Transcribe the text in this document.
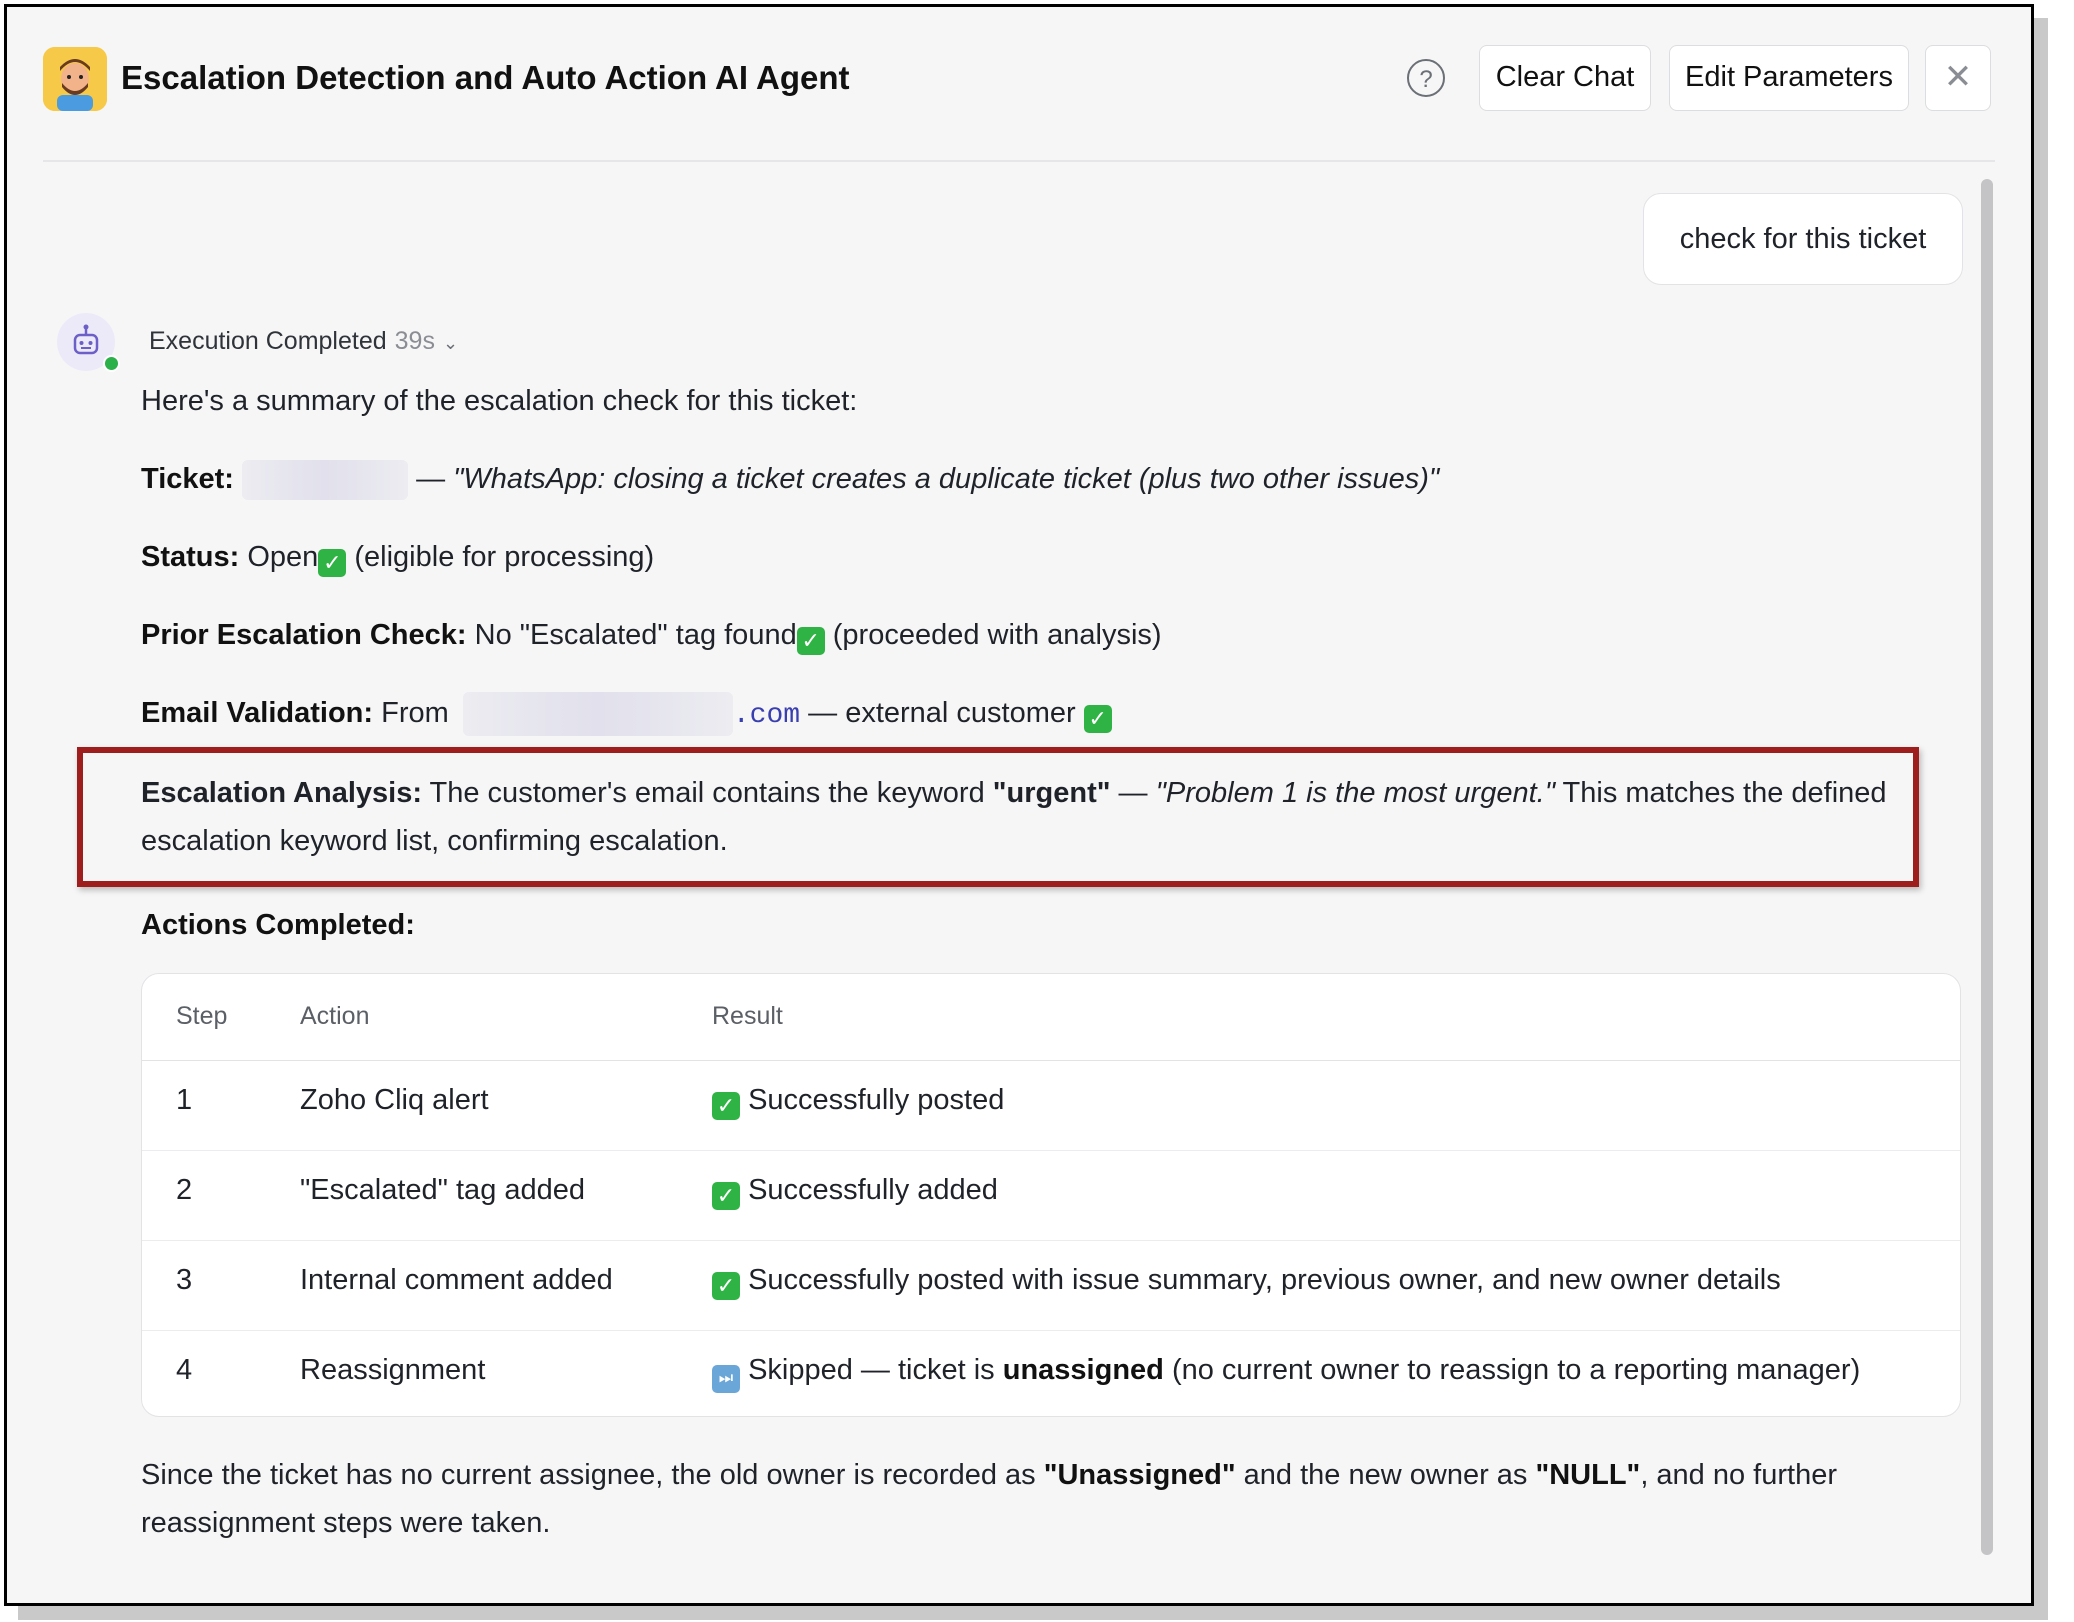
Escalation Detection and Auto Action AI Agent	?	Clear Chat	Edit Parameters	✕
check for this ticket
Execution Completed 39s ⌄
Here's a summary of the escalation check for this ticket:
Ticket:	— "WhatsApp: closing a ticket creates a duplicate ticket (plus two other issues)"
Status: Open ✓ (eligible for processing)
Prior Escalation Check: No "Escalated" tag found ✓ (proceeded with analysis)
Email Validation: From	.com — external customer ✓
Escalation Analysis: The customer's email contains the keyword "urgent" — "Problem 1 is the most urgent." This matches the defined escalation keyword list, confirming escalation.
Actions Completed:
Step	Action	Result
1	Zoho Cliq alert	✓ Successfully posted
2	"Escalated" tag added	✓ Successfully added
3	Internal comment added	✓ Successfully posted with issue summary, previous owner, and new owner details
4	Reassignment	⏭ Skipped — ticket is unassigned (no current owner to reassign to a reporting manager)
Since the ticket has no current assignee, the old owner is recorded as "Unassigned" and the new owner as "NULL", and no further reassignment steps were taken.
